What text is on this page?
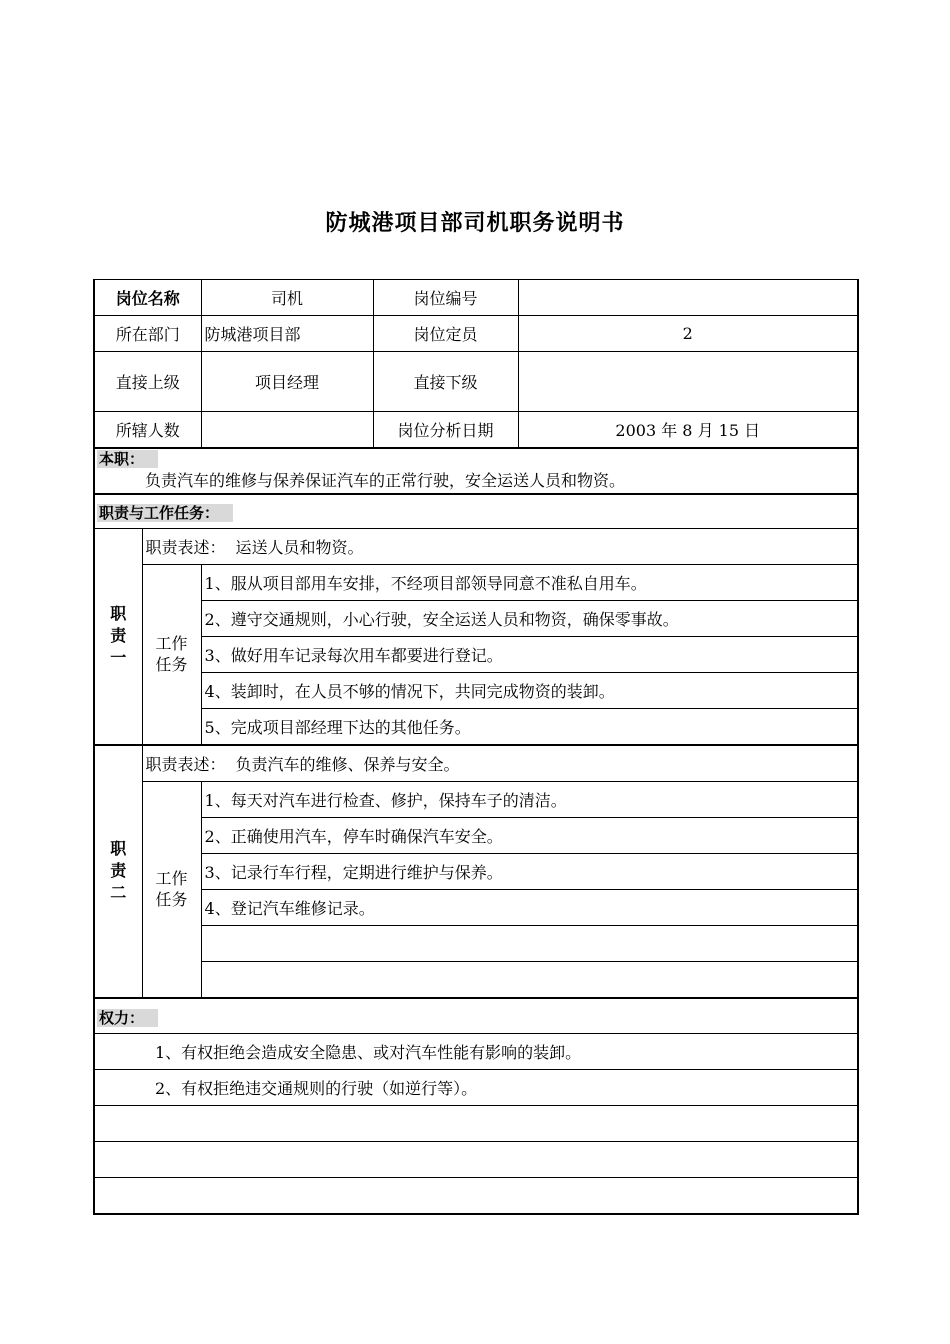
防城港项目部司机职务说明书
岗位名称		司机	岗位编号	
所在部门		防城港项目部	岗位定员	2
直接上级		项目经理	直接下级	
所辖人数			岗位分析日期	2003 年 8 月 15 日

本职：
负责汽车的维修与保养保证汽车的正常行驶，安全运送人员和物资。				

职责与工作任务：				

职
责
一	职责表述： 运送人员和物资。			

	工作
任务	1、服从项目部用车安排，不经项目部领导同意不准私自用车。		
		2、遵守交通规则，小心行驶，安全运送人员和物资，确保零事故。		
		3、做好用车记录每次用车都要进行登记。		
		4、装卸时，在人员不够的情况下，共同完成物资的装卸。		
		5、完成项目部经理下达的其他任务。		

职
责
二	职责表述： 负责汽车的维修、保养与安全。			

	工作
任务	1、每天对汽车进行检查、修护，保持车子的清洁。		
		2、正确使用汽车，停车时确保汽车安全。		
		3、记录行车行程，定期进行维护与保养。		
		4、登记汽车维修记录。		

权力：				
1、有权拒绝会造成安全隐患、或对汽车性能有影响的装卸。				
2、有权拒绝违交通规则的行驶（如逆行等）。				
